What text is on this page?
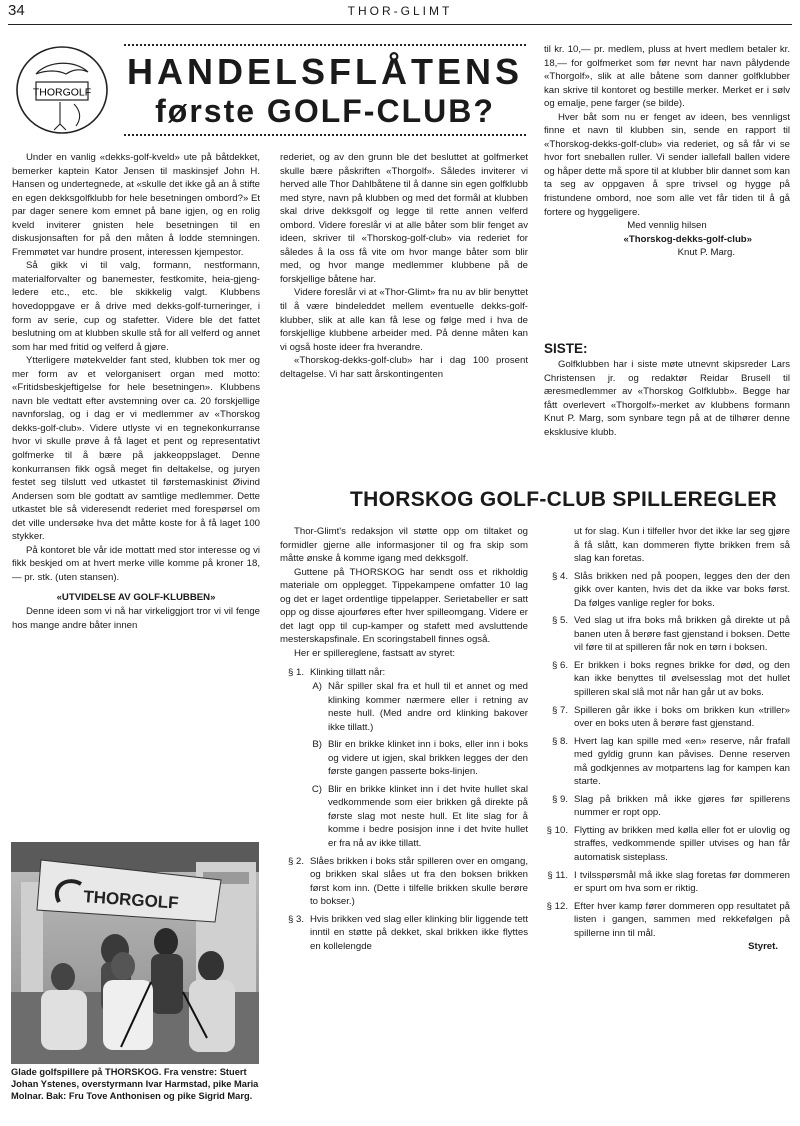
34	THOR-GLIMT
THORGOLF
HANDELSFLÅTENS
første GOLF-CLUB?

Under en vanlig «dekks-golf-kveld» ute på båtdekket, bemerker kaptein Kator Jensen til maskinsjef John H. Hansen og undertegnede, at «skulle det ikke gå an å stifte en egen dekksgolfklubb for hele besetningen ombord?» Et par dager senere kom emnet på bane igjen, og en rolig kveld inviterer gnisten hele besetningen til en diskusjonsaften for på den måten å lodde stemningen. Fremmøtet var hundre prosent, interessen kjempestor.

Så gikk vi til valg, formann, nestformann, materialforvalter og banemester, festkomite, heia-gjeng-ledere etc., etc. ble skikkelig valgt. Klubbens hovedoppgave er å drive med dekks-golf-turneringer, i form av serie, cup og stafetter. Videre ble det fattet beslutning om at klubben skulle stå for all velferd og annet som har med fritid og velferd å gjøre.

Ytterligere møtekvelder fant sted, klubben tok mer og mer form av et velorganisert organ med motto: «Fritidsbeskjeftigelse for hele besetningen». Klubbens navn ble vedtatt efter avstemning over ca. 20 forskjellige navnforslag, og i dag er vi medlemmer av «Thorskog dekks-golf-club». Videre utlyste vi en tegnekonkurranse hvor vi skulle prøve å få laget et pent og representativt golfmerke til å bære på jakkeoppslaget. Denne konkurransen fikk også meget fin deltakelse, og juryen festet seg tilslutt ved utkastet til førstemaskinist Øivind Andersen som ble godtatt av samtlige medlemmer. Dette utkastet ble så videresendt rederiet med forespørsel om det ville undersøke hva det måtte koste for å få laget 100 stykker.

På kontoret ble vår ide mottatt med stor interesse og vi fikk beskjed om at hvert merke ville komme på kroner 18,— pr. stk. (uten stansen).

«UTVIDELSE AV GOLF-KLUBBEN»

Denne ideen som vi nå har virkeliggjort tror vi vil fenge hos mange andre båter innen

rederiet, og av den grunn ble det besluttet at golfmerket skulle bære påskriften «Thorgolf». Således inviterer vi herved alle Thor Dahlbåtene til å danne sin egen golfklubb med styre, navn på klubben og med det formål at klubben skal drive dekksgolf og legge til rette annen velferd ombord. Videre foreslår vi at alle båter som blir fenget av ideen, skriver til «Thorskog-golf-club» via rederiet for således å la oss få vite om hvor mange båter som blir med, og hvor mange medlemmer klubbene på de forskjellige båtene har.

Videre foreslår vi at «Thor-Glimt» fra nu av blir benyttet til å være bindeleddet mellem eventuelle dekks-golf-klubber, slik at alle kan få lese og følge med i hva de forskjellige klubbene arbeider med. På denne måten kan vi også hoste ideer fra hverandre.

«Thorskog-dekks-golf-club» har i dag 100 prosent deltagelse. Vi har satt årskontingenten

til kr. 10,— pr. medlem, pluss at hvert medlem betaler kr. 18,— for golfmerket som før nevnt har navn pålydende «Thorgolf», slik at alle båtene som danner golfklubber kan skrive til kontoret og bestille merker. Merket er i sølv og emalje, pene farger (se bilde).

Hver båt som nu er fenget av ideen, bes vennligst finne et navn til klubben sin, sende en rapport til «Thorskog-dekks-golf-club» via rederiet, og så får vi se hvor fort sneballen ruller. Vi sender iallefall ballen videre og håper dette må spore til at klubber blir dannet som kan ta seg av oppgaven å spre trivsel og hygge på fristundene ombord, noe som alle vet får tiden til å gå fortere og hyggeligere.

Med vennlig hilsen

«Thorskog-dekks-golf-club»

Knut P. Marg.

SISTE:

Golfklubben har i siste møte utnevnt skipsreder Lars Christensen jr. og redaktør Reidar Brusell til æresmedlemmer av «Thorskog Golfklubb». Begge har fått overlevert «Thorgolf»-merket av klubbens formann Knut P. Marg, som synbare tegn på at de tilhører denne eksklusive klubb.

THORSKOG GOLF-CLUB SPILLEREGLER

Thor-Glimt's redaksjon vil støtte opp om tiltaket og formidler gjerne alle informasjoner til og fra skip som måtte ønske å komme igang med dekksgolf.

Guttene på THORSKOG har sendt oss et rikholdig materiale om opplegget. Tippekampene omfatter 10 lag og det er laget ordentlige tippelapper. Serietabeller er satt opp og disse ajourføres efter hver spilleomgang. Videre er det lagt opp til cup-kamper og stafett med avsluttende mesterskapsfinale. En scoringstabell finnes også.

Her er spillereglene, fastsatt av styret:

§ 1. Klinking tillatt når:
A) Når spiller skal fra et hull til et annet og med klinking kommer nærmere eller i retning av neste hull. (Med andre ord klinking bakover ikke tillatt.)
B) Blir en brikke klinket inn i boks, eller inn i boks og videre ut igjen, skal brikken legges der den første gangen passerte boks-linjen.
C) Blir en brikke klinket inn i det hvite hullet skal vedkommende som eier brikken gå direkte på første slag mot neste hull. Et lite slag for å komme i bedre posisjon inne i det hvite hullet er fra nå av ikke tillatt.
§ 2. Slåes brikken i boks står spilleren over en omgang, og brikken skal slåes ut fra den boksen brikken først kom inn. (Dette i tilfelle brikken skulle berøre to bokser.)
§ 3. Hvis brikken ved slag eller klinking blir liggende tett inntil en støtte på dekket, skal brikken ikke flyttes en kollelengde
ut for slag. Kun i tilfeller hvor det ikke lar seg gjøre å få slått, kan dommeren flytte brikken frem så slag kan foretas.
§ 4. Slås brikken ned på poopen, legges den der den gikk over kanten, hvis det da ikke var boks først. Da følges vanlige regler for boks.
§ 5. Ved slag ut ifra boks må brikken gå direkte ut på banen uten å berøre fast gjenstand i boksen. Dette vil føre til at spilleren får nok en tørn i boksen.
§ 6. Er brikken i boks regnes brikke for død, og den kan ikke benyttes til øvelsesslag mot det hullet spilleren skal slå mot når han går ut av boks.
§ 7. Spilleren går ikke i boks om brikken kun «triller» over en boks uten å berøre fast gjenstand.
§ 8. Hvert lag kan spille med «en» reserve, når frafall med gyldig grunn kan påvises. Denne reserven må godkjennes av motpartens lag for kampen kan starte.
§ 9. Slag på brikken må ikke gjøres før spillerens nummer er ropt opp.
§ 10. Flytting av brikken med kølla eller fot er ulovlig og straffes, vedkommende spiller utvises og han får automatisk sisteplass.
§ 11. I tvilsspørsmål må ikke slag foretas før dommeren er spurt om hva som er riktig.
§ 12. Efter hver kamp fører dommeren opp resultatet på listen i gangen, sammen med rekkefølgen på spillerne inn til mål.

Styret.

THORGOLF
Glade golfspillere på THORSKOG. Fra venstre: Stuert Johan Ystenes, overstyrmann Ivar Harmstad, pike Maria Molnar. Bak: Fru Tove Anthonisen og pike Sigrid Marg.
